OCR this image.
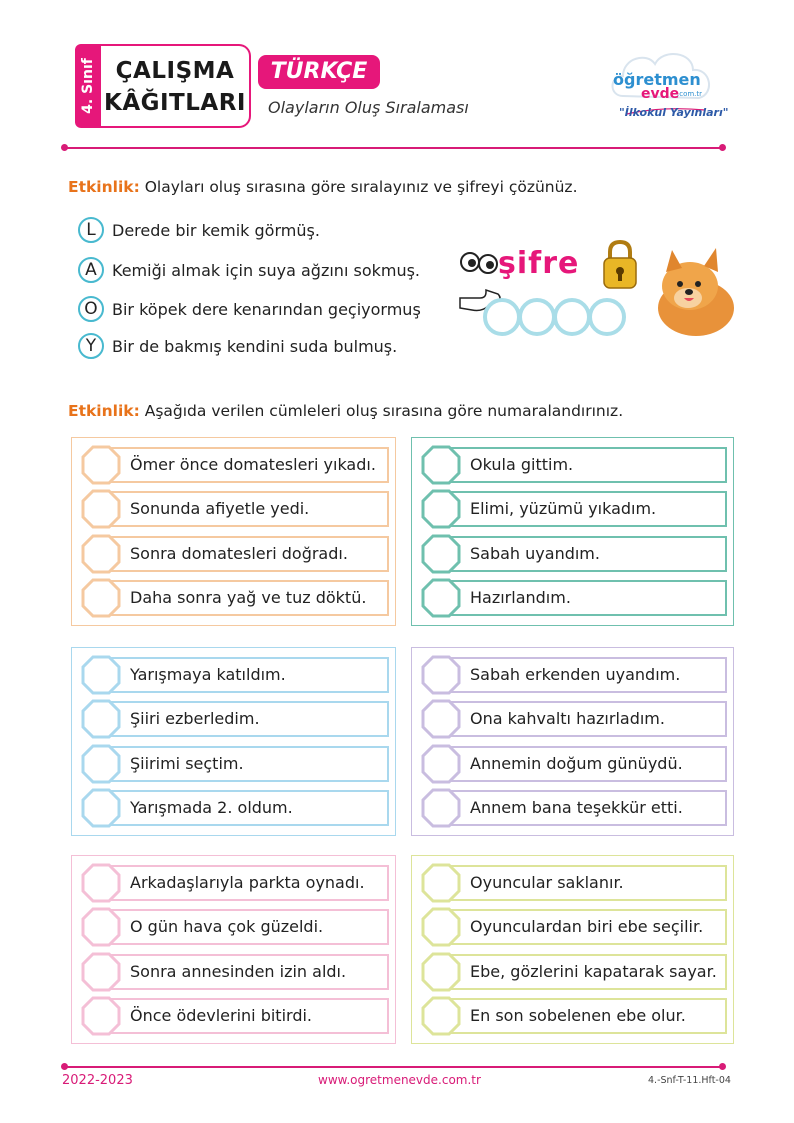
4. Sınıf ÇALIŞMA
KÂĞITLARI
TÜRKÇE
Olayların Oluş Sıralaması
öğretmen
evde
.com.tr
"İlkokul Yayınları"
Etkinlik: Olayları oluş sırasına göre sıralayınız ve şifreyi çözünüz.
L	Derede bir kemik görmüş.
A Kemiği almak için suya ağzını sokmuş.
O Bir köpek dere kenarından geçiyormuş
Y Bir de bakmış kendini suda bulmuş.
şifre
Etkinlik: Aşağıda verilen cümleleri oluş sırasına göre numaralandırınız.
Ömer önce domatesleri yıkadı.
Sonunda afiyetle yedi.
Sonra domatesleri doğradı.
Daha sonra yağ ve tuz döktü.
Okula gittim.
Elimi, yüzümü yıkadım.
Sabah uyandım.
Hazırlandım.
Yarışmaya katıldım.
Şiiri ezberledim.
Şiirimi seçtim.
Yarışmada 2. oldum.
Sabah erkenden uyandım.
Ona kahvaltı hazırladım.
Annemin doğum günüydü.
Annem bana teşekkür etti.
Arkadaşlarıyla parkta oynadı.
O gün hava çok güzeldi.
Sonra annesinden izin aldı.
Önce ödevlerini bitirdi.
Oyuncular saklanır.
Oyunculardan biri ebe seçilir.
Ebe, gözlerini kapatarak sayar.
En son sobelenen ebe olur.
2022-2023	www.ogretmenevde.com.tr	4.-Snf-T-11.Hft-04
